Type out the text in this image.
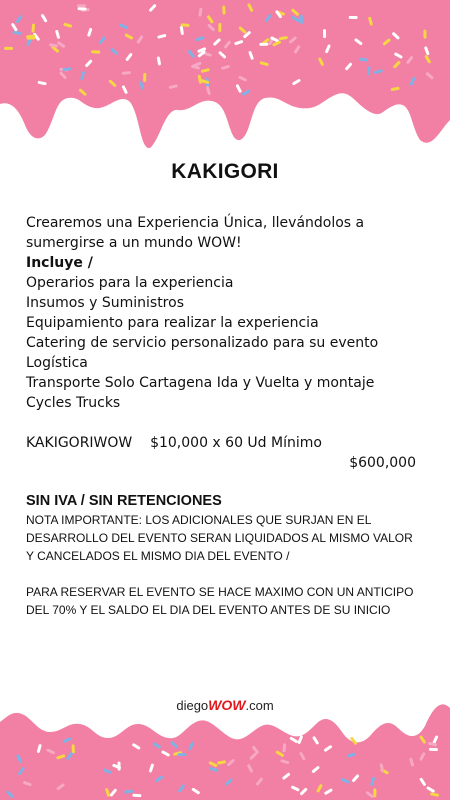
KAKIGORI
Crearemos una Experiencia Única, llevándolos a
sumergirse a un mundo WOW!
Incluye /
Operarios para la experiencia
Insumos y Suministros
Equipamiento para realizar la experiencia
Catering de servicio personalizado para su evento
Logística
Transporte Solo Cartagena Ida y Vuelta y montaje
Cycles Trucks
KAKIGORIWOW $10,000 x 60 Ud Mínimo
$600,000
SIN IVA / SIN RETENCIONES
NOTA IMPORTANTE: LOS ADICIONALES QUE SURJAN EN EL
DESARROLLO DEL EVENTO SERAN LIQUIDADOS AL MISMO VALOR
Y CANCELADOS EL MISMO DIA DEL EVENTO /
PARA RESERVAR EL EVENTO SE HACE MAXIMO CON UN ANTICIPO
DEL 70% Y EL SALDO EL DIA DEL EVENTO ANTES DE SU INICIO
diegoWOW.com
